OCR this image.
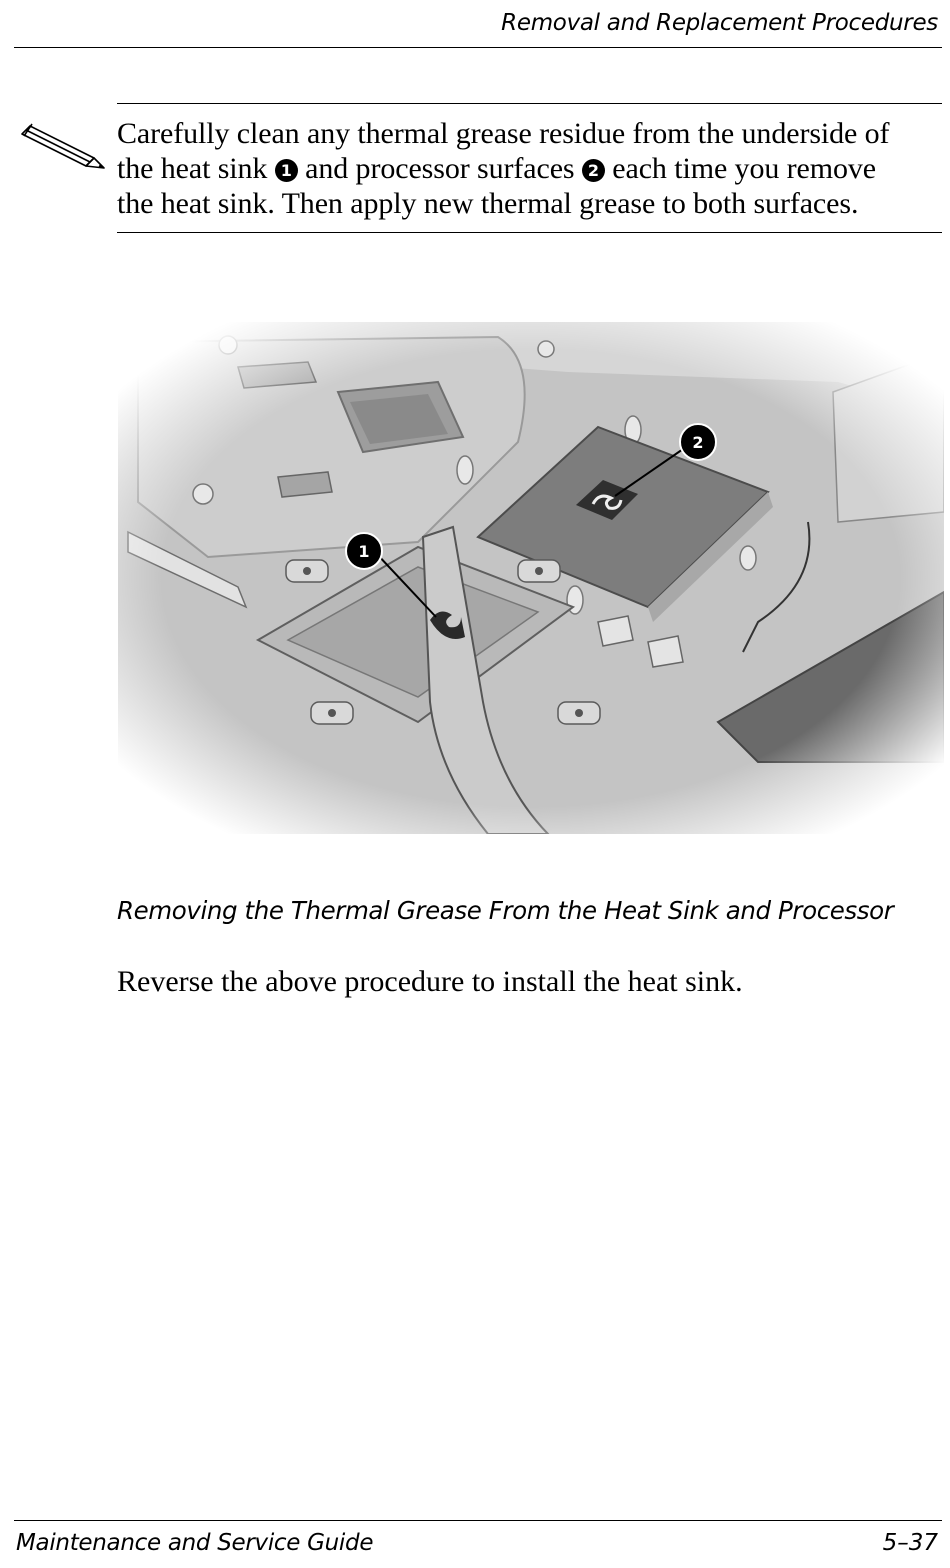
Removal and Replacement Procedures
Carefully clean any thermal grease residue from the underside of
the heat sink 1 and processor surfaces 2 each time you remove
the heat sink. Then apply new thermal grease to both surfaces.
Removing the Thermal Grease From the Heat Sink and Processor
Reverse the above procedure to install the heat sink.
Maintenance and Service Guide	5–37
